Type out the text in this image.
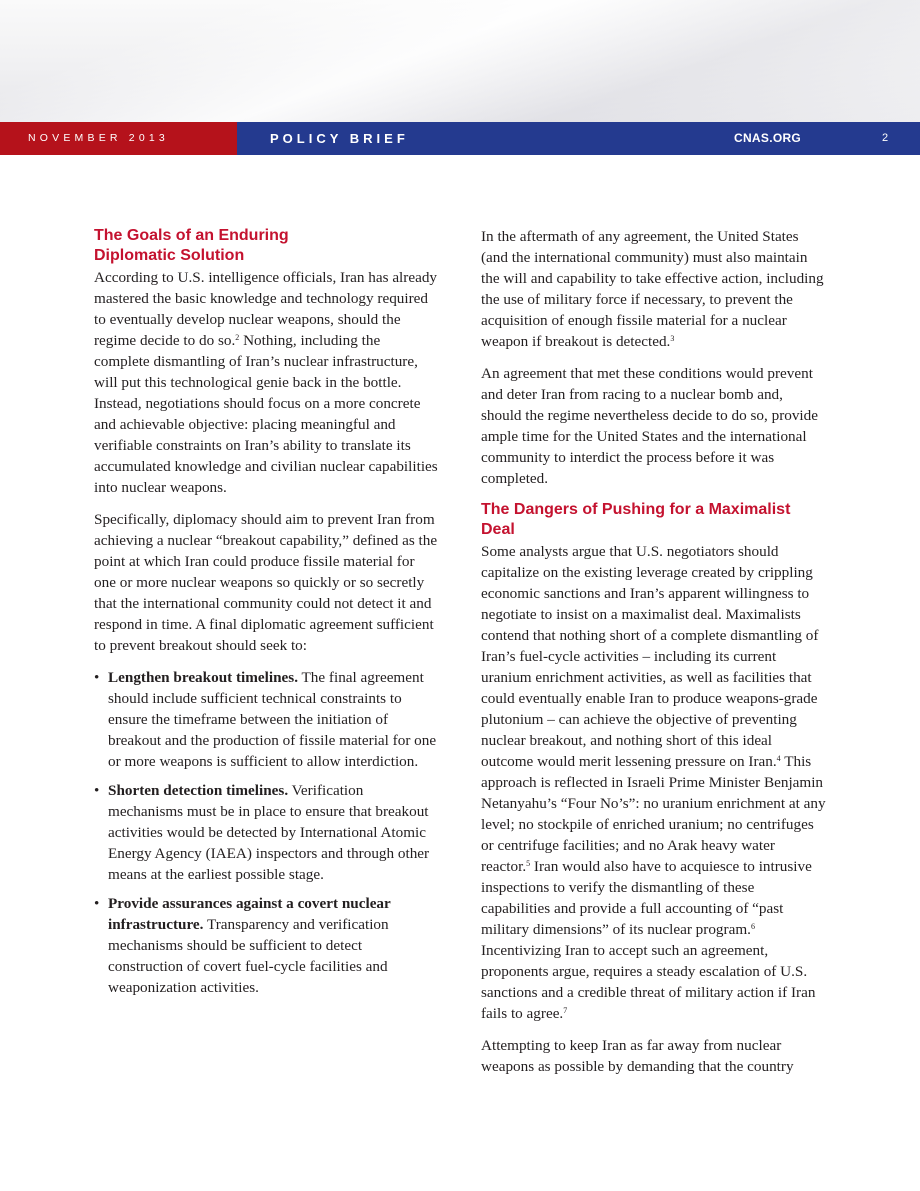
NOVEMBER 2013	POLICY BRIEF	CNAS.ORG	2
The Goals of an Enduring
Diplomatic Solution

According to U.S. intelligence officials, Iran has already mastered the basic knowledge and technology required to eventually develop nuclear weapons, should the regime decide to do so.$^2$ Nothing, including the complete dismantling of Iran’s nuclear infrastructure, will put this technological genie back in the bottle. Instead, negotiations should focus on a more concrete and achievable objective: placing meaningful and verifiable constraints on Iran’s ability to translate its accumulated knowledge and civilian nuclear capabilities into nuclear weapons.

Specifically, diplomacy should aim to prevent Iran from achieving a nuclear “breakout capability,” defined as the point at which Iran could produce fissile material for one or more nuclear weapons so quickly or so secretly that the international community could not detect it and respond in time. A final diplomatic agreement sufficient to prevent breakout should seek to:

• Lengthen breakout timelines. The final agreement should include sufficient technical constraints to ensure the timeframe between the initiation of breakout and the production of fissile material for one or more weapons is sufficient to allow interdiction.
• Shorten detection timelines. Verification mechanisms must be in place to ensure that breakout activities would be detected by International Atomic Energy Agency (IAEA) inspectors and through other means at the earliest possible stage.
• Provide assurances against a covert nuclear infrastructure. Transparency and verification mechanisms should be sufficient to detect construction of covert fuel-cycle facilities and weaponization activities.

In the aftermath of any agreement, the United States (and the international community) must also maintain the will and capability to take effective action, including the use of military force if necessary, to prevent the acquisition of enough fissile material for a nuclear weapon if breakout is detected.$^3$

An agreement that met these conditions would prevent and deter Iran from racing to a nuclear bomb and, should the regime nevertheless decide to do so, provide ample time for the United States and the international community to interdict the process before it was completed.

The Dangers of Pushing for a Maximalist Deal

Some analysts argue that U.S. negotiators should capitalize on the existing leverage created by crippling economic sanctions and Iran’s apparent willingness to negotiate to insist on a maximalist deal. Maximalists contend that nothing short of a complete dismantling of Iran’s fuel-cycle activities – including its current uranium enrichment activities, as well as facilities that could eventually enable Iran to produce weapons-grade plutonium – can achieve the objective of preventing nuclear breakout, and nothing short of this ideal outcome would merit lessening pressure on Iran.$^4$ This approach is reflected in Israeli Prime Minister Benjamin Netanyahu’s “Four No’s”: no uranium enrichment at any level; no stockpile of enriched uranium; no centrifuges or centrifuge facilities; and no Arak heavy water reactor.$^5$ Iran would also have to acquiesce to intrusive inspections to verify the dismantling of these capabilities and provide a full accounting of “past military dimensions” of its nuclear program.$^6$ Incentivizing Iran to accept such an agreement, proponents argue, requires a steady escalation of U.S. sanctions and a credible threat of military action if Iran fails to agree.$^7$

Attempting to keep Iran as far away from nuclear weapons as possible by demanding that the country
